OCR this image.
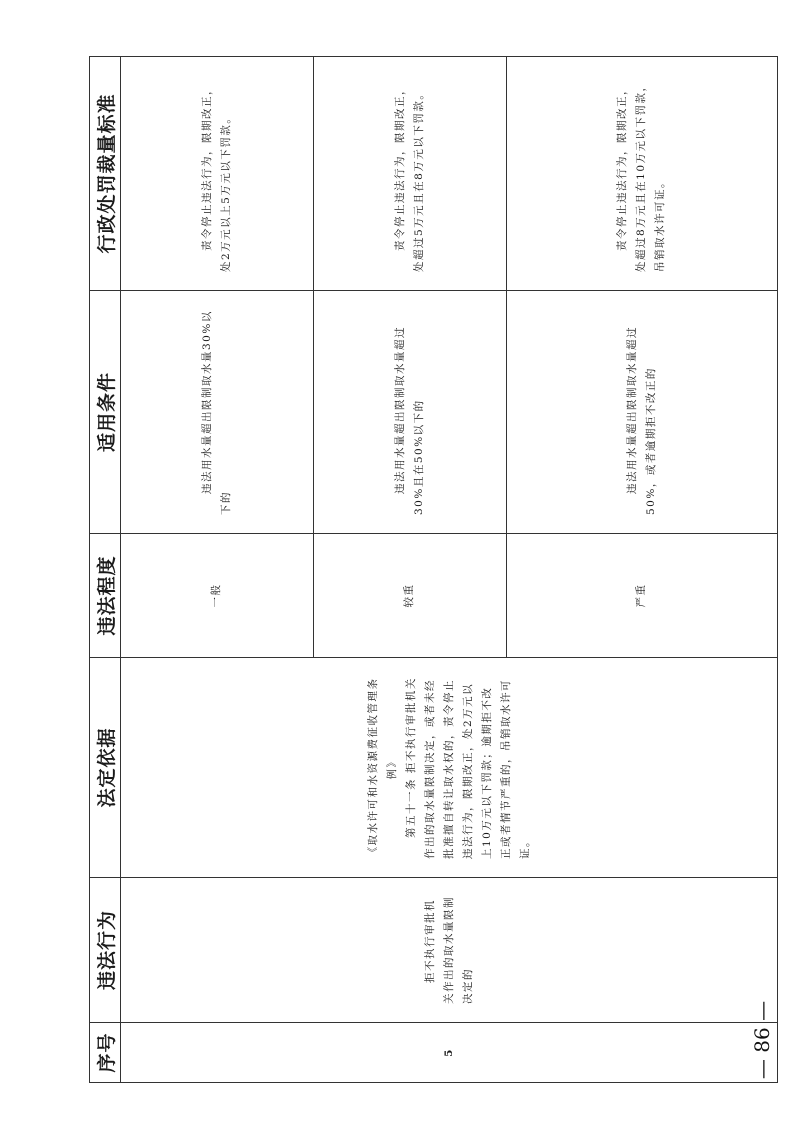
序号	违法行为	法定依据	违法程度	适用条件	行政处罚裁量标准
5	拒不执行审批机关作出的取水量限制决定的	《取水许可和水资源费征收管理条例》 第五十一条 拒不执行审批机关作出的取水量限制决定，或者未经批准擅自转让取水权的，责令停止违法行为，限期改正，处2万元以上10万元以下罚款；逾期拒不改正或者情节严重的，吊销取水许可证。	一般	违法用水量超出限制取水量30%以下的	责令停止违法行为，限期改正，处2万元以上5万元以下罚款。

			较重	违法用水量超出限制取水量超过30%且在50%以下的	责令停止违法行为，限期改正，处超过5万元且在8万元以下罚款。

			严重	违法用水量超出限制取水量超过50%，或者逾期拒不改正的	责令停止违法行为，限期改正，处超过8万元且在10万元以下罚款，吊销取水许可证。
— 86 —
